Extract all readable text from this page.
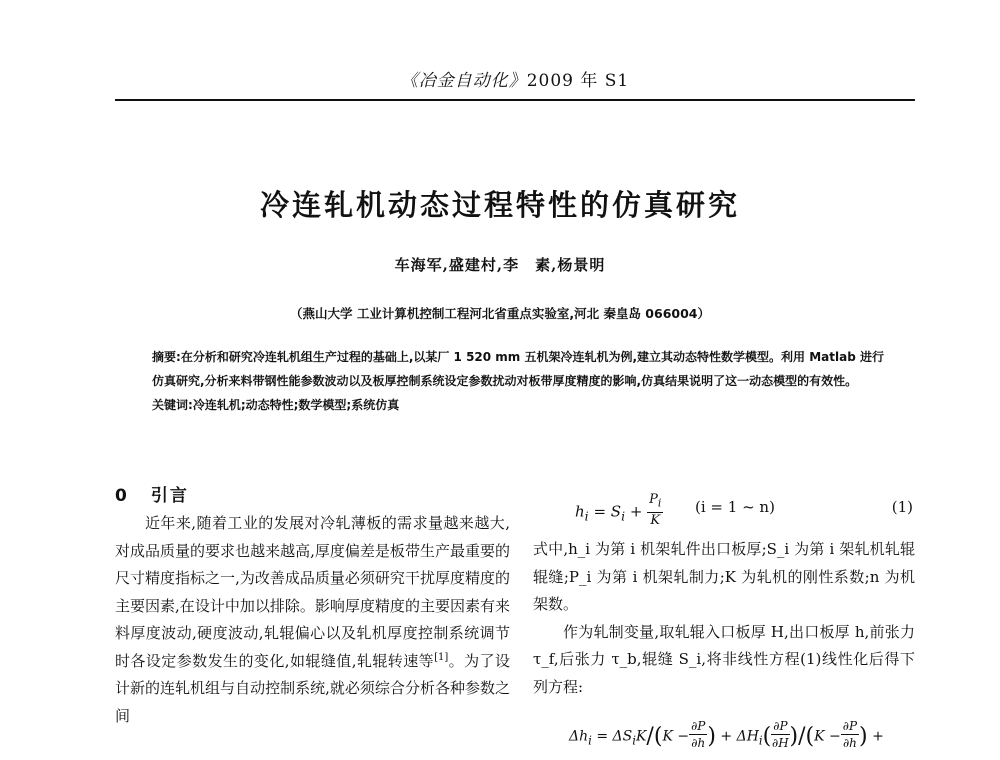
《冶金自动化》2009 年 S1
冷连轧机动态过程特性的仿真研究
车海军,盛建村,李　素,杨景明
（燕山大学 工业计算机控制工程河北省重点实验室,河北 秦皇岛 066004）

摘要:在分析和研究冷连轧机组生产过程的基础上,以某厂 1 520 mm 五机架冷连轧机为例,建立其动态特性数学模型。利用 Matlab 进行仿真研究,分析来料带钢性能参数波动以及板厚控制系统设定参数扰动对板带厚度精度的影响,仿真结果说明了这一动态模型的有效性。

关键词:冷连轧机;动态特性;数学模型;系统仿真

0 引言

近年来,随着工业的发展对冷轧薄板的需求量越来越大,对成品质量的要求也越来越高,厚度偏差是板带生产最重要的尺寸精度指标之一,为改善成品质量必须研究干扰厚度精度的主要因素,在设计中加以排除。影响厚度精度的主要因素有来料厚度波动,硬度波动,轧辊偏心以及轧机厚度控制系统调节时各设定参数发生的变化,如辊缝值,轧辊转速等[1]。为了设计新的连轧机组与自动控制系统,就必须综合分析各种参数之间

$h_i = S_i + \frac{P_i}{K} (i = 1$ ~ n)	(1)

式中,h_i 为第 i 机架轧件出口板厚;S_i 为第 i 架轧机轧辊辊缝;P_i 为第 i 机架轧制力;K 为轧机的刚性系数;n 为机架数。

作为轧制变量,取轧辊入口板厚 H,出口板厚 h,前张力 τ_f,后张力 τ_b,辊缝 S_i,将非线性方程(1)线性化后得下列方程:

$\Delta h_i = \Delta S_iK/(K - \frac{\partial P}{\partial h}$ ) + $\Delta H_i( \frac{\partial P}{\partial H} )/(K - \frac{\partial P}{\partial h}$ ) +
